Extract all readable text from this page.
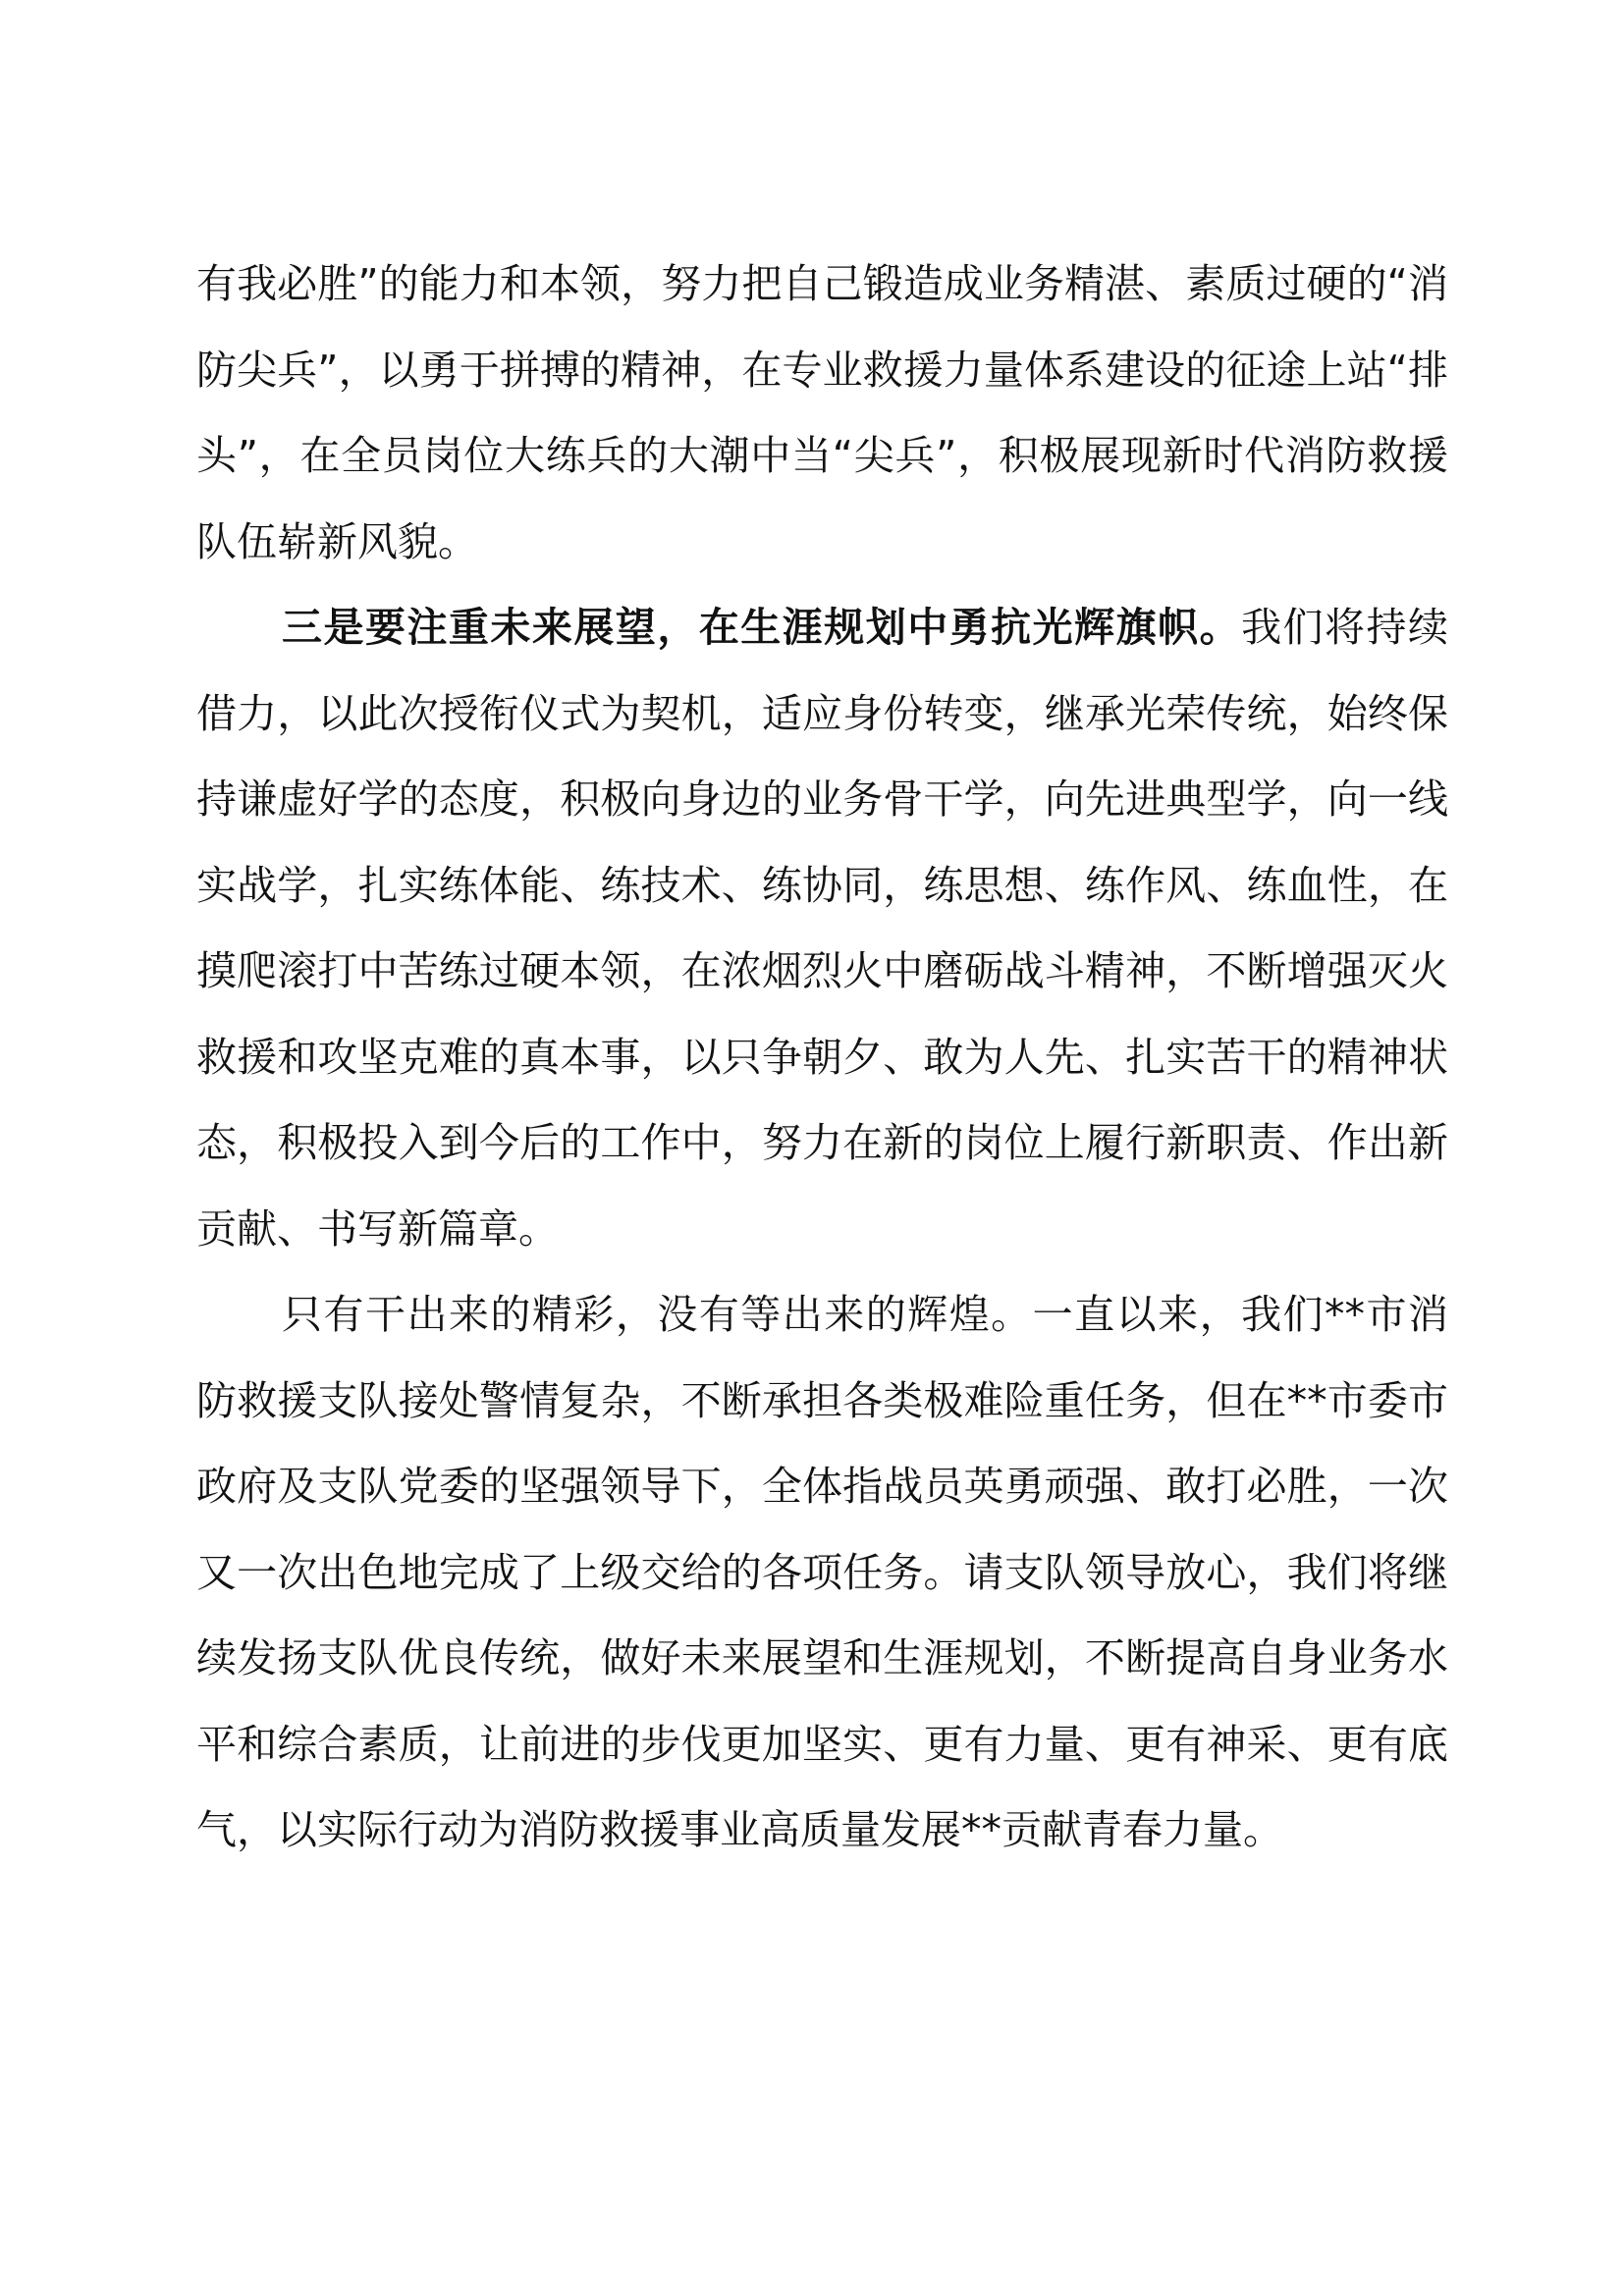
有我必胜”的能力和本领，努力把自己锻造成业务精湛、素质过硬的“消防尖兵”，以勇于拼搏的精神，在专业救援力量体系建设的征途上站“排头”，在全员岗位大练兵的大潮中当“尖兵”，积极展现新时代消防救援队伍崭新风貌。

三是要注重未来展望，在生涯规划中勇抗光辉旗帜。我们将持续借力，以此次授衔仪式为契机，适应身份转变，继承光荣传统，始终保持谦虚好学的态度，积极向身边的业务骨干学，向先进典型学，向一线实战学，扎实练体能、练技术、练协同，练思想、练作风、练血性，在摸爬滚打中苦练过硬本领，在浓烟烈火中磨砺战斗精神，不断增强灭火救援和攻坚克难的真本事，以只争朝夕、敢为人先、扎实苦干的精神状态，积极投入到今后的工作中，努力在新的岗位上履行新职责、作出新贡献、书写新篇章。

只有干出来的精彩，没有等出来的辉煌。一直以来，我们**市消防救援支队接处警情复杂，不断承担各类极难险重任务，但在**市委市政府及支队党委的坚强领导下，全体指战员英勇顽强、敢打必胜，一次又一次出色地完成了上级交给的各项任务。请支队领导放心，我们将继续发扬支队优良传统，做好未来展望和生涯规划，不断提高自身业务水平和综合素质，让前进的步伐更加坚实、更有力量、更有神采、更有底气，以实际行动为消防救援事业高质量发展**贡献青春力量。
